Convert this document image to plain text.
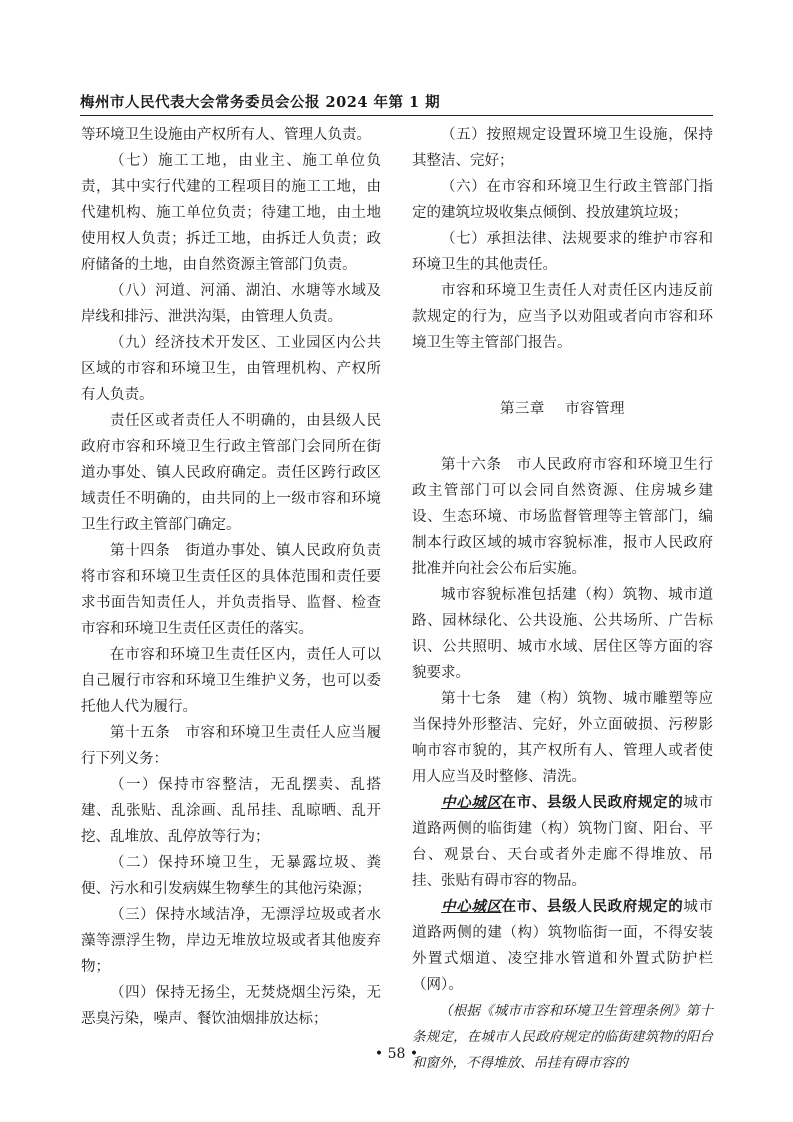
梅州市人民代表大会常务委员会公报 2024 年第 1 期

等环境卫生设施由产权所有人、管理人负责。

（七）施工工地，由业主、施工单位负责，其中实行代建的工程项目的施工工地，由代建机构、施工单位负责；待建工地，由土地使用权人负责；拆迁工地，由拆迁人负责；政府储备的土地，由自然资源主管部门负责。

（八）河道、河涌、湖泊、水塘等水域及岸线和排污、泄洪沟渠，由管理人负责。

（九）经济技术开发区、工业园区内公共区域的市容和环境卫生，由管理机构、产权所有人负责。

责任区或者责任人不明确的，由县级人民政府市容和环境卫生行政主管部门会同所在街道办事处、镇人民政府确定。责任区跨行政区域责任不明确的，由共同的上一级市容和环境卫生行政主管部门确定。

第十四条　街道办事处、镇人民政府负责将市容和环境卫生责任区的具体范围和责任要求书面告知责任人，并负责指导、监督、检查市容和环境卫生责任区责任的落实。

在市容和环境卫生责任区内，责任人可以自己履行市容和环境卫生维护义务，也可以委托他人代为履行。

第十五条　市容和环境卫生责任人应当履行下列义务：

（一）保持市容整洁，无乱摆卖、乱搭建、乱张贴、乱涂画、乱吊挂、乱晾晒、乱开挖、乱堆放、乱停放等行为；

（二）保持环境卫生，无暴露垃圾、粪便、污水和引发病媒生物孳生的其他污染源；

（三）保持水域洁净，无漂浮垃圾或者水藻等漂浮生物，岸边无堆放垃圾或者其他废弃物；

（四）保持无扬尘，无焚烧烟尘污染，无恶臭污染，噪声、餐饮油烟排放达标；

（五）按照规定设置环境卫生设施，保持其整洁、完好；

（六）在市容和环境卫生行政主管部门指定的建筑垃圾收集点倾倒、投放建筑垃圾；

（七）承担法律、法规要求的维护市容和环境卫生的其他责任。

市容和环境卫生责任人对责任区内违反前款规定的行为，应当予以劝阻或者向市容和环境卫生等主管部门报告。

第三章　 市容管理

第十六条　市人民政府市容和环境卫生行政主管部门可以会同自然资源、住房城乡建设、生态环境、市场监督管理等主管部门，编制本行政区域的城市容貌标准，报市人民政府批准并向社会公布后实施。

城市容貌标准包括建（构）筑物、城市道路、园林绿化、公共设施、公共场所、广告标识、公共照明、城市水域、居住区等方面的容貌要求。

第十七条　建（构）筑物、城市雕塑等应当保持外形整洁、完好，外立面破损、污秽影响市容市貌的，其产权所有人、管理人或者使用人应当及时整修、清洗。

中心城区在市、县级人民政府规定的城市道路两侧的临街建（构）筑物门窗、阳台、平台、观景台、天台或者外走廊不得堆放、吊挂、张贴有碍市容的物品。

中心城区在市、县级人民政府规定的城市道路两侧的建（构）筑物临街一面，不得安装外置式烟道、凌空排水管道和外置式防护栏（网）。

（根据《城市市容和环境卫生管理条例》第十条规定，在城市人民政府规定的临街建筑物的阳台和窗外，不得堆放、吊挂有碍市容的

• 58 •
